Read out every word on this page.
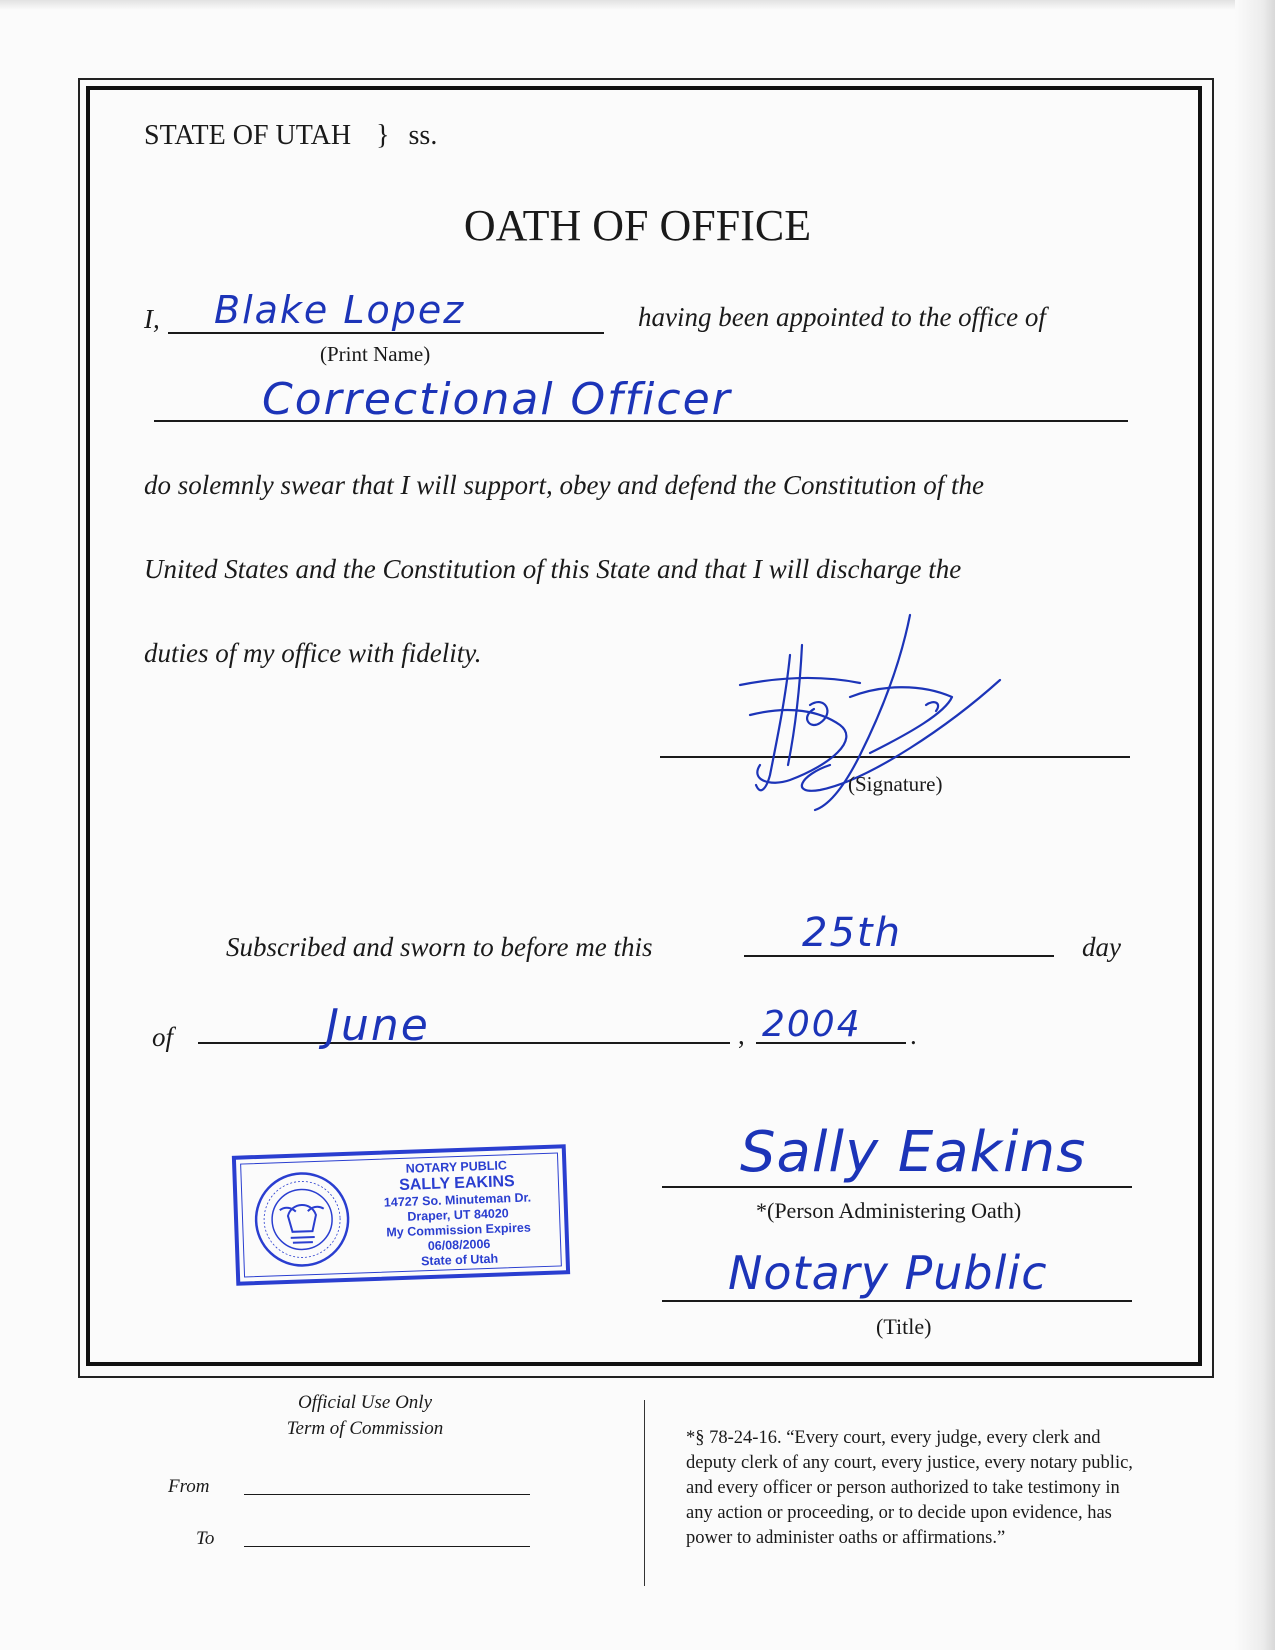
STATE OF UTAH } ss.
OATH OF OFFICE
I, Blake Lopez
(Print Name)
having been appointed to the office of
Correctional Officer
do solemnly swear that I will support, obey and defend the Constitution of the
United States and the Constitution of this State and that I will discharge the
duties of my office with fidelity.
(Signature)
Subscribed and sworn to before me this	25th	day
of	June	, 2004 .
NOTARY PUBLIC
SALLY EAKINS
14727 So. Minuteman Dr.
Draper, UT 84020
My Commission Expires 06/08/2006
State of Utah
Sally Eakins
*(Person Administering Oath)
Notary Public
(Title)
Official Use Only
Term of Commission
From
To
*§ 78-24-16. “Every court, every judge, every clerk and
deputy clerk of any court, every justice, every notary public,
and every officer or person authorized to take testimony in
any action or proceeding, or to decide upon evidence, has
power to administer oaths or affirmations.”
